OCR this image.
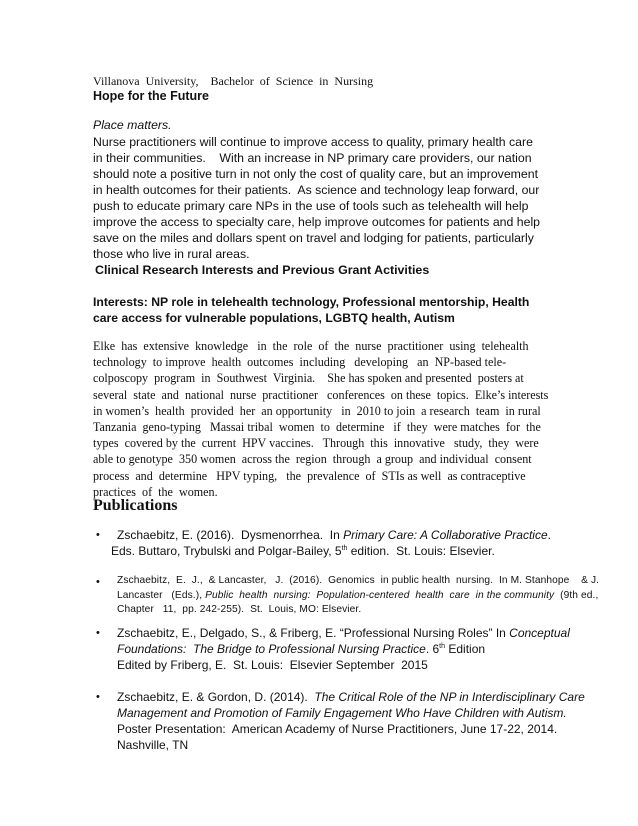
Villanova  University,    Bachelor  of  Science  in  Nursing
Hope for the Future
Place matters.
Nurse practitioners will continue to improve access to quality, primary health care
in their communities.    With an increase in NP primary care providers, our nation
should note a positive turn in not only the cost of quality care, but an improvement
in health outcomes for their patients.  As science and technology leap forward, our
push to educate primary care NPs in the use of tools such as telehealth will help
improve the access to specialty care, help improve outcomes for patients and help
save on the miles and dollars spent on travel and lodging for patients, particularly
those who live in rural areas.
Clinical Research Interests and Previous Grant Activities
Interests: NP role in telehealth technology, Professional mentorship, Health
care access for vulnerable populations, LGBTQ health, Autism
Elke  has  extensive  knowledge   in  the  role  of  the  nurse  practitioner  using  telehealth
technology  to improve  health  outcomes  including   developing   an  NP-based tele-
colposcopy  program  in  Southwest  Virginia.    She has spoken and presented  posters at
several  state  and  national  nurse  practitioner   conferences  on these  topics.  Elke’s interests
in women’s  health  provided  her  an opportunity   in  2010 to join  a research  team  in rural
Tanzania  geno-typing   Massai tribal  women  to  determine   if  they  were matches  for  the
types  covered by the  current  HPV vaccines.   Through  this  innovative   study,  they  were
able to genotype  350 women  across the  region  through  a group  and individual  consent
process  and  determine   HPV typing,   the  prevalence  of  STIs as well  as contraceptive
practices  of  the  women.
Publications
• Zschaebitz, E. (2016).  Dysmenorrhea.  In Primary Care: A Collaborative Practice.
Eds. Buttaro, Trybulski and Polgar-Bailey, 5th edition.  St. Louis: Elsevier.
• Zschaebitz,  E.  J.,  & Lancaster,   J.  (2016).  Genomics  in public health  nursing.  In M. Stanhope    & J.
Lancaster   (Eds.), Public  health  nursing:  Population-centered  health  care  in the community  (9th ed.,
Chapter   11,  pp. 242-255).  St.  Louis, MO: Elsevier.
• Zschaebitz, E., Delgado, S., & Friberg, E. “Professional Nursing Roles” In Conceptual
Foundations:  The Bridge to Professional Nursing Practice. 6th Edition
Edited by Friberg, E.  St. Louis:  Elsevier September  2015
• Zschaebitz, E. & Gordon, D. (2014).  The Critical Role of the NP in Interdisciplinary Care
Management and Promotion of Family Engagement Who Have Children with Autism.
Poster Presentation:  American Academy of Nurse Practitioners, June 17-22, 2014.
Nashville, TN
